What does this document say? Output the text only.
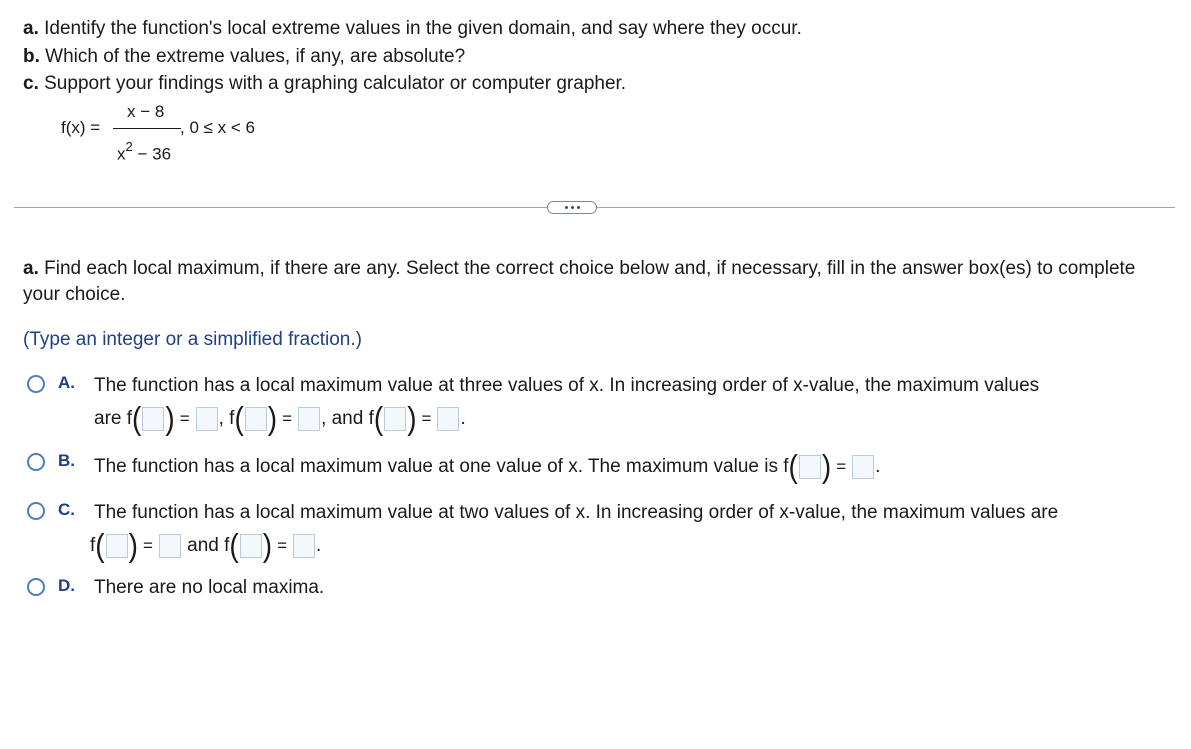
a. Identify the function's local extreme values in the given domain, and say where they occur.
b. Which of the extreme values, if any, are absolute?
c. Support your findings with a graphing calculator or computer grapher.
f(x) =
x − 8
$x^2 - 36$
, 0 ≤ x < 6
a. Find each local maximum, if there are any. Select the correct choice below and, if necessary, fill in the answer box(es) to complete your choice.
(Type an integer or a simplified fraction.)
A. The function has a local maximum value at three values of x. In increasing order of x-value, the maximum values
are f( ) = , f( ) = , and f( ) = .
B. The function has a local maximum value at one value of x. The maximum value is f( ) = .
C. The function has a local maximum value at two values of x. In increasing order of x-value, the maximum values are
f( ) = and f( ) = .
D. There are no local maxima.
